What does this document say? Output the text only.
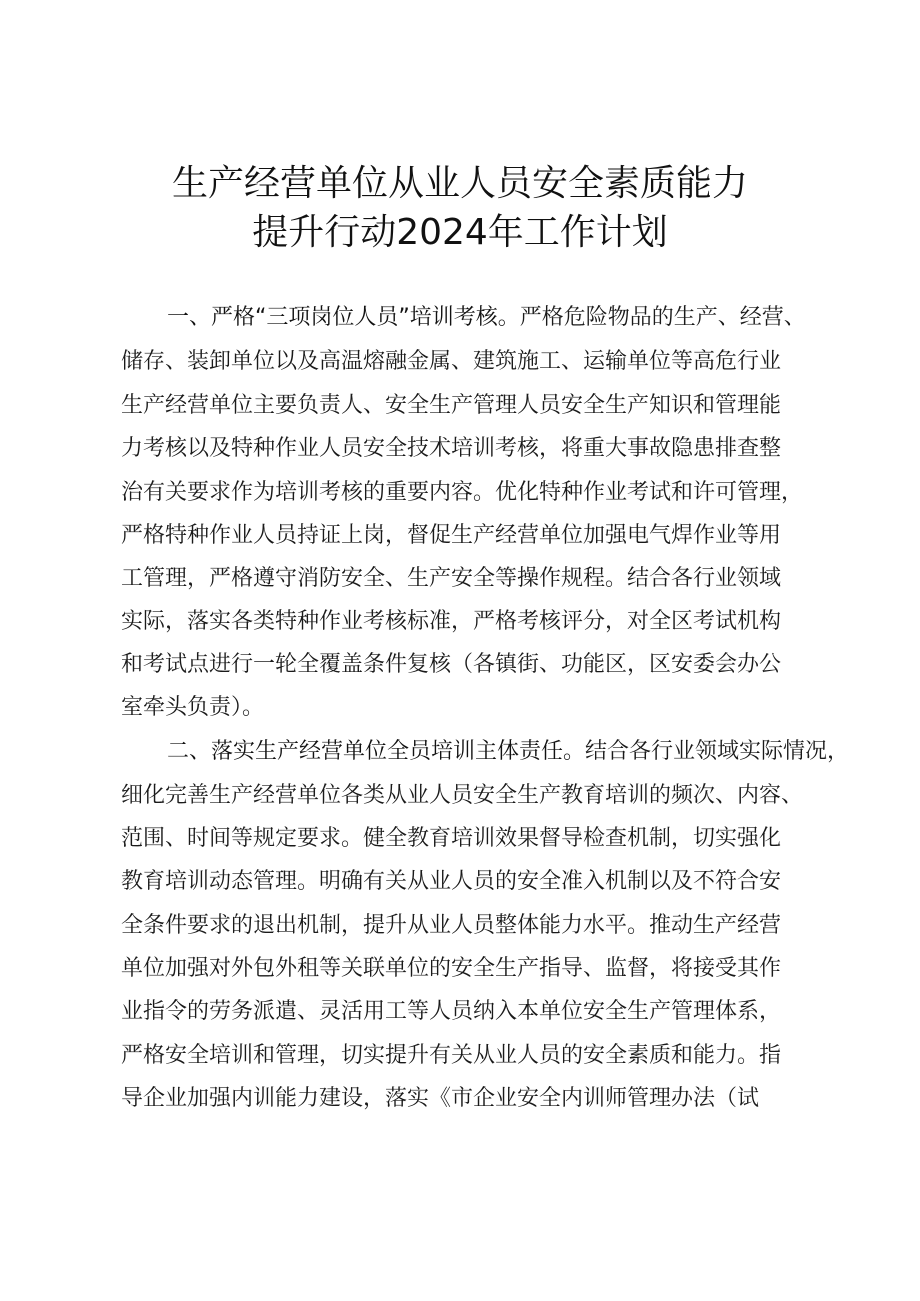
生产经营单位从业人员安全素质能力
提升行动2024年工作计划
一、严格“三项岗位人员”培训考核。严格危险物品的生产、经营、
储存、装卸单位以及高温熔融金属、建筑施工、运输单位等高危行业
生产经营单位主要负责人、安全生产管理人员安全生产知识和管理能
力考核以及特种作业人员安全技术培训考核，将重大事故隐患排查整
治有关要求作为培训考核的重要内容。优化特种作业考试和许可管理，
严格特种作业人员持证上岗，督促生产经营单位加强电气焊作业等用
工管理，严格遵守消防安全、生产安全等操作规程。结合各行业领域
实际，落实各类特种作业考核标准，严格考核评分，对全区考试机构
和考试点进行一轮全覆盖条件复核（各镇街、功能区，区安委会办公
室牵头负责）。
二、落实生产经营单位全员培训主体责任。结合各行业领域实际情况，
细化完善生产经营单位各类从业人员安全生产教育培训的频次、内容、
范围、时间等规定要求。健全教育培训效果督导检查机制，切实强化
教育培训动态管理。明确有关从业人员的安全准入机制以及不符合安
全条件要求的退出机制，提升从业人员整体能力水平。推动生产经营
单位加强对外包外租等关联单位的安全生产指导、监督，将接受其作
业指令的劳务派遣、灵活用工等人员纳入本单位安全生产管理体系，
严格安全培训和管理，切实提升有关从业人员的安全素质和能力。指
导企业加强内训能力建设，落实《市企业安全内训师管理办法（试
